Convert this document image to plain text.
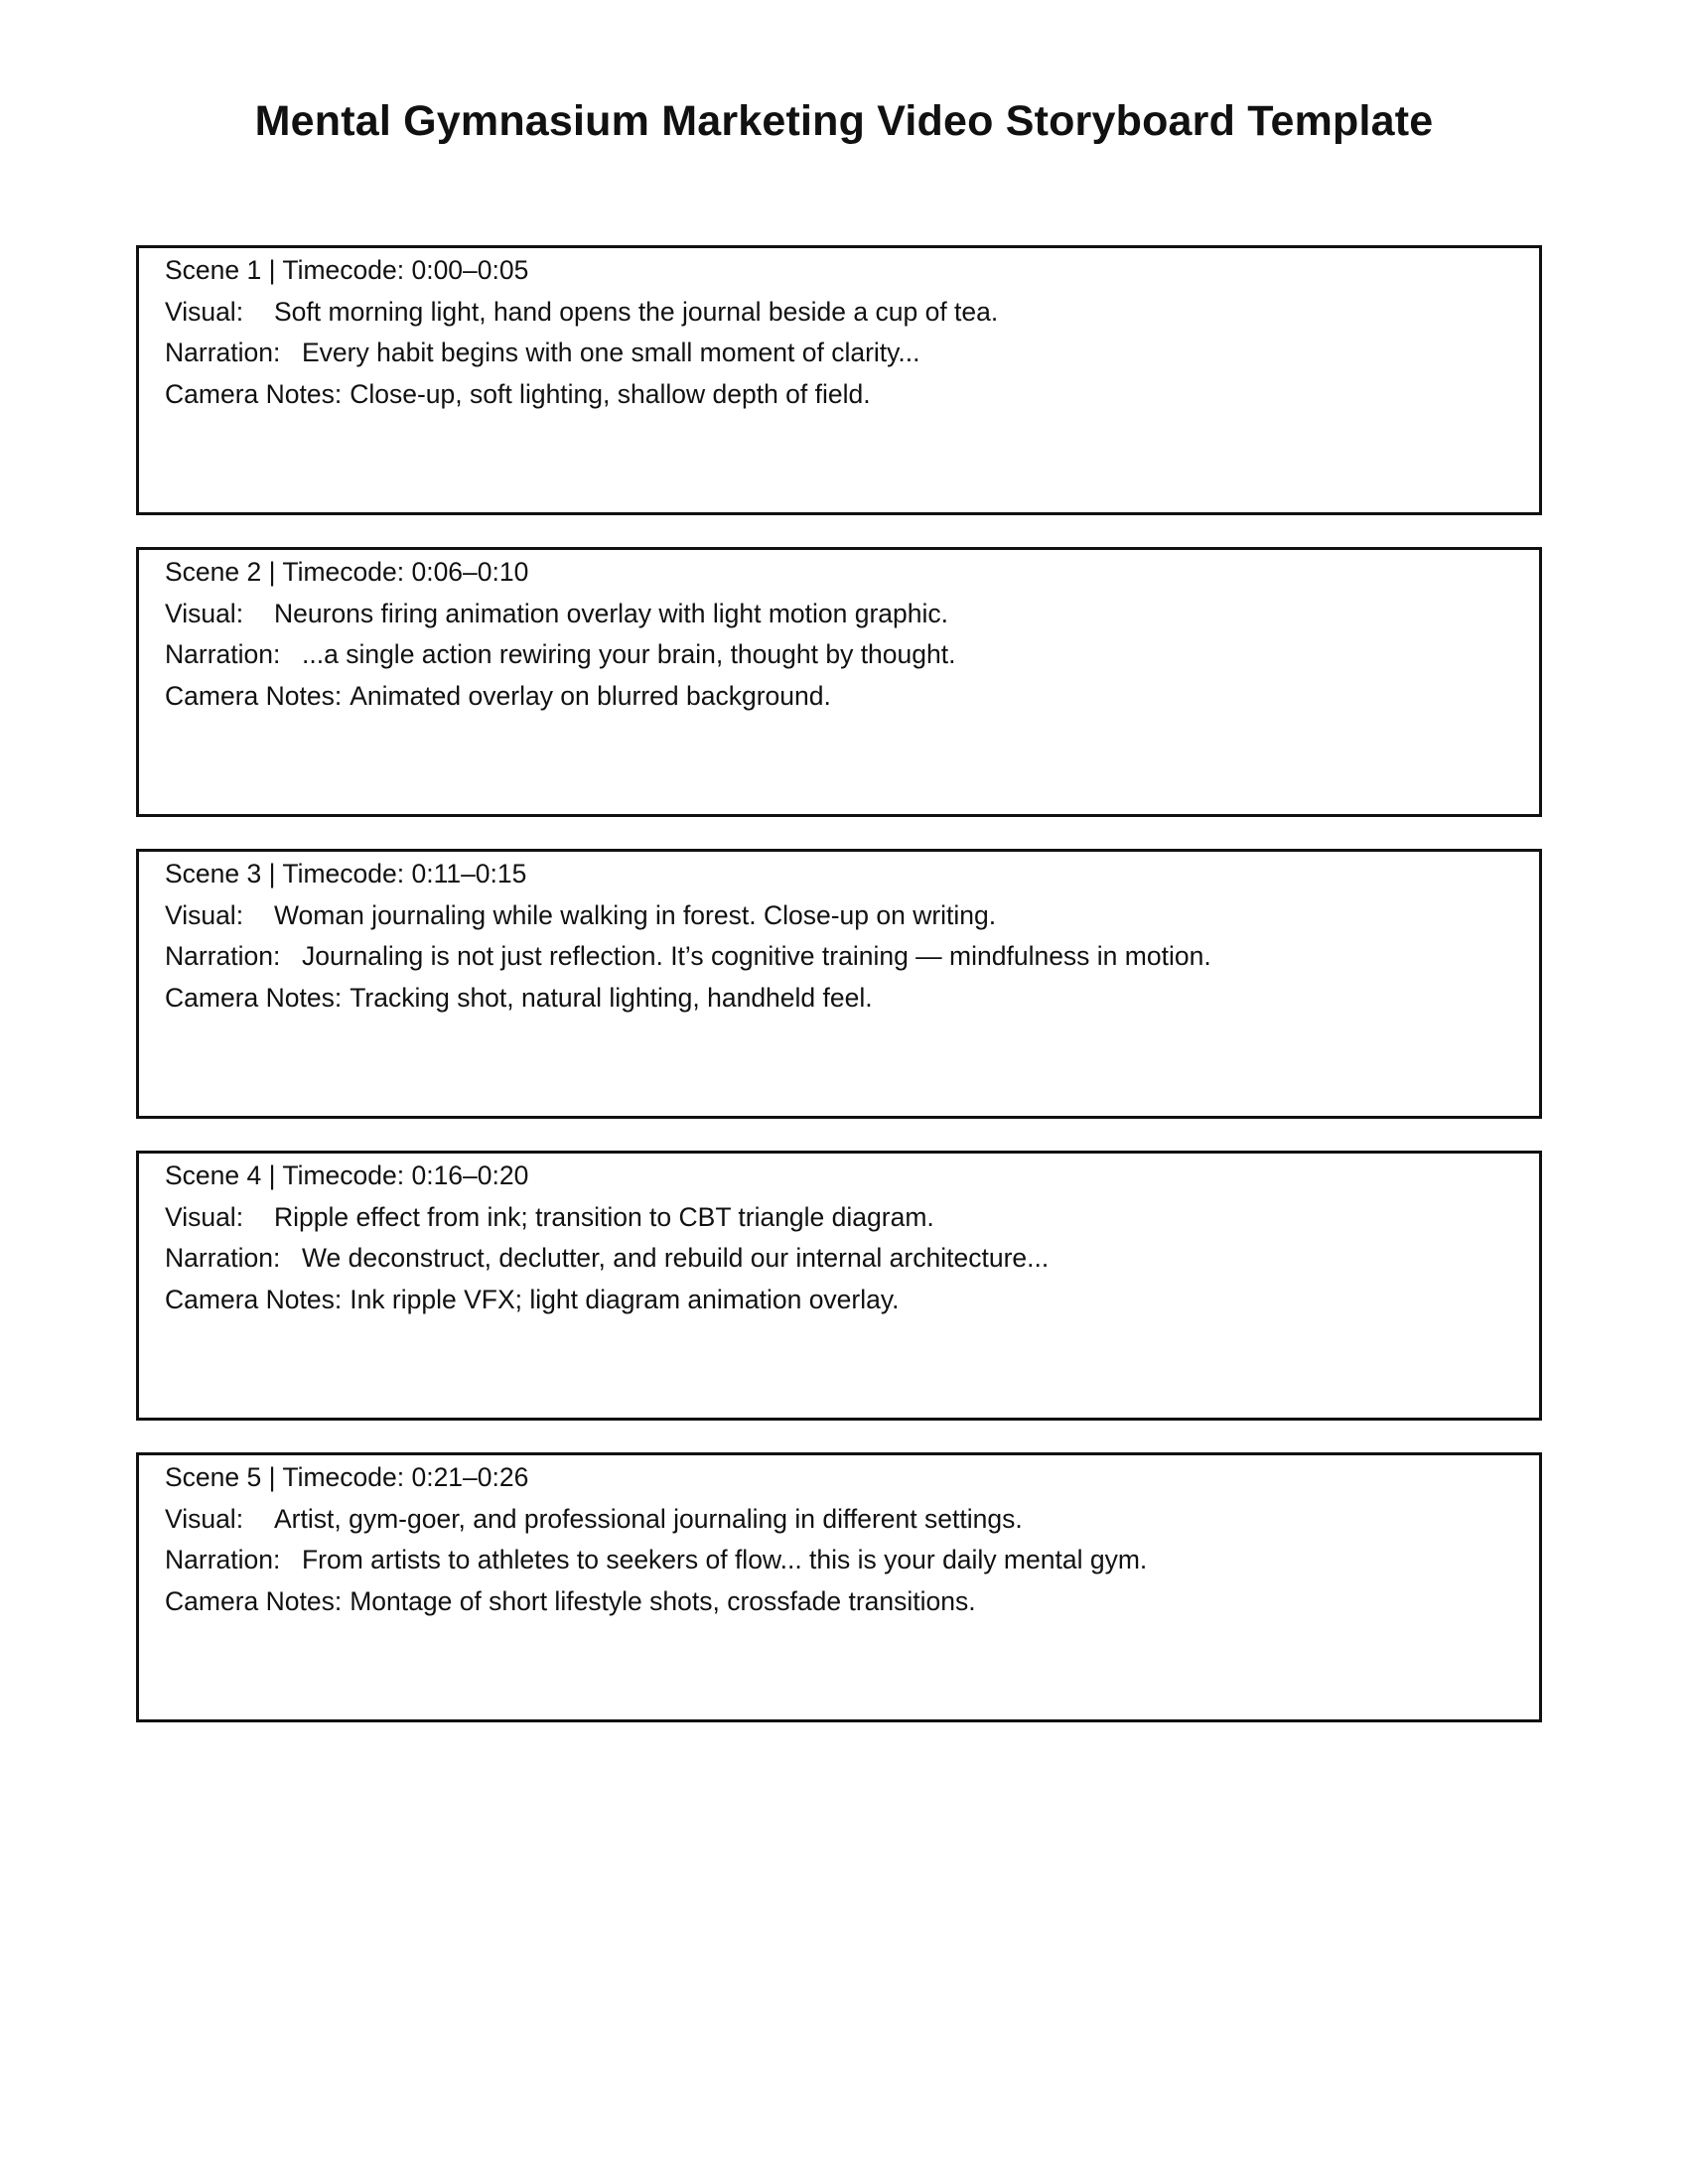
Mental Gymnasium Marketing Video Storyboard Template
Scene 1 | Timecode: 0:00–0:05
Visual: Soft morning light, hand opens the journal beside a cup of tea.
Narration: Every habit begins with one small moment of clarity...
Camera Notes: Close-up, soft lighting, shallow depth of field.
Scene 2 | Timecode: 0:06–0:10
Visual: Neurons firing animation overlay with light motion graphic.
Narration: ...a single action rewiring your brain, thought by thought.
Camera Notes: Animated overlay on blurred background.
Scene 3 | Timecode: 0:11–0:15
Visual: Woman journaling while walking in forest. Close-up on writing.
Narration: Journaling is not just reflection. It’s cognitive training — mindfulness in motion.
Camera Notes: Tracking shot, natural lighting, handheld feel.
Scene 4 | Timecode: 0:16–0:20
Visual: Ripple effect from ink; transition to CBT triangle diagram.
Narration: We deconstruct, declutter, and rebuild our internal architecture...
Camera Notes: Ink ripple VFX; light diagram animation overlay.
Scene 5 | Timecode: 0:21–0:26
Visual: Artist, gym-goer, and professional journaling in different settings.
Narration: From artists to athletes to seekers of flow... this is your daily mental gym.
Camera Notes: Montage of short lifestyle shots, crossfade transitions.
